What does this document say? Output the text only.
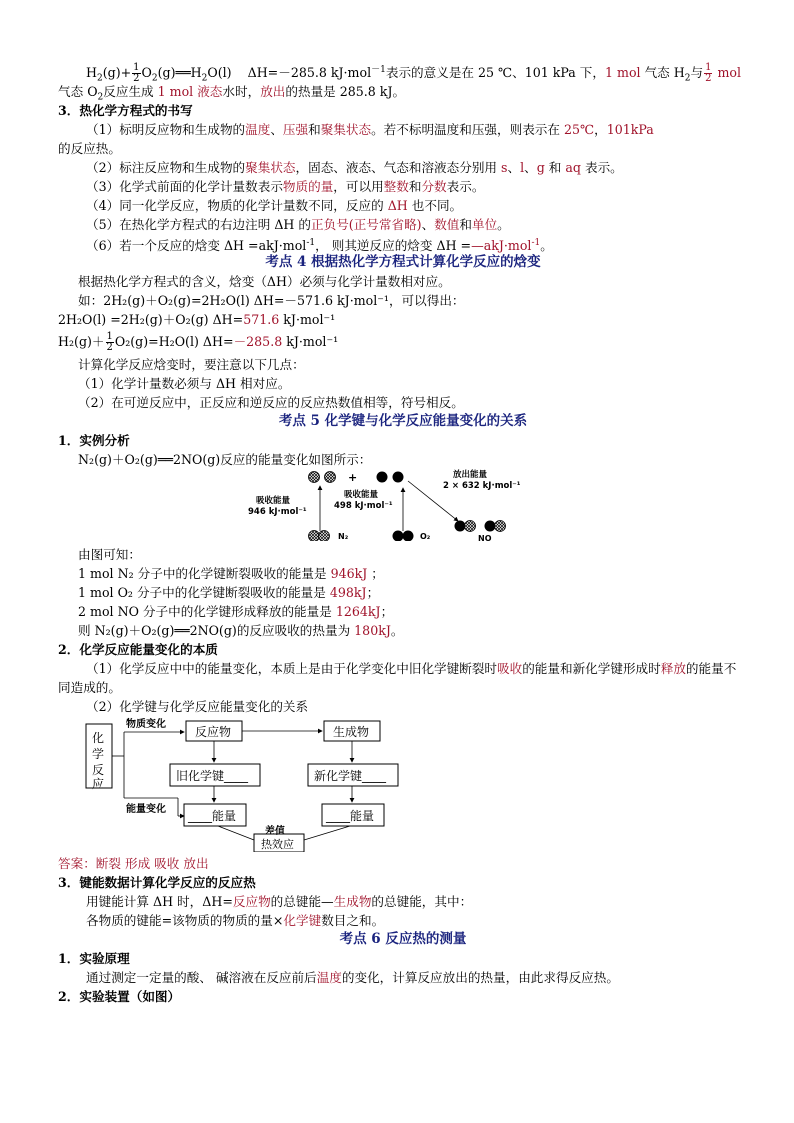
$H_2(g)+ \frac{1}{2}$ $O_2(g)══H_2O(l)$ ΔH=－285.8 kJ·mol$^{-1}$表示的意义是在 25 ℃、101 kPa 下，1 mol 气态 $H_2$与 $\frac{1}{2}$ mol
气态 $O_2$反应生成 1 mol 液态水时，放出的热量是 285.8 kJ。
3．热化学方程式的书写
（1）标明反应物和生成物的温度、压强和聚集状态。若不标明温度和压强，则表示在 25℃，101kPa
的反应热。
（2）标注反应物和生成物的聚集状态，固态、液态、气态和溶液态分别用 s、l、g 和 aq 表示。
（3）化学式前面的化学计量数表示物质的量，可以用整数和分数表示。
（4）同一化学反应，物质的化学计量数不同，反应的 ΔH 也不同。
（5）在热化学方程式的右边注明 ΔH 的正负号(正号常省略)、数值和单位。
（6）若一个反应的焓变 ΔH =akJ·mol$^{-1}$， 则其逆反应的焓变 ΔH =—akJ·mol$^{-1}$。
考点 4 根据热化学方程式计算化学反应的焓变
根据热化学方程式的含义，焓变（ΔH）必须与化学计量数相对应。
如：2H₂(g)＋O₂(g)=2H₂O(l) ΔH=－571.6 kJ·mol⁻¹，可以得出：
2H₂O(l) =2H₂(g)＋O₂(g) ΔH=571.6 kJ·mol⁻¹
$H_2(g)+ \frac{1}{2} O_2(g)=H_2O(l)$ ΔH=－285.8 kJ·mol⁻¹
计算化学反应焓变时，要注意以下几点：
（1）化学计量数必须与 ΔH 相对应。
（2）在可逆反应中，正反应和逆反应的反应热数值相等，符号相反。
考点 5 化学键与化学反应能量变化的关系
1．实例分析
N₂(g)＋O₂(g)══2NO(g)反应的能量变化如图所示：
+
吸收能量
946 kJ·mol⁻¹
N₂
吸收能量
498 kJ·mol⁻¹
O₂
放出能量
2 × 632 kJ·mol⁻¹
NO
由图可知：
1 mol N₂ 分子中的化学键断裂吸收的能量是 946kJ ；
1 mol O₂ 分子中的化学键断裂吸收的能量是 498kJ；
2 mol NO 分子中的化学键形成释放的能量是 1264kJ；
则 N₂(g)＋O₂(g)══2NO(g)的反应吸收的热量为 180kJ。
2．化学反应能量变化的本质
（1）化学反应中中的能量变化，本质上是由于化学变化中旧化学键断裂时吸收的能量和新化学键形成时释放的能量不同造成的。
（2）化学键与化学反应能量变化的关系
化
学
反
应
物质变化
能量变化
反应物	生成物
旧化学键____	新化学键____
____能量	____能量
差值
热效应
答案：断裂 形成 吸收 放出
3．键能数据计算化学反应的反应热
用键能计算 ΔH 时，ΔH=反应物的总键能—生成物的总键能，其中：
各物质的键能=该物质的物质的量×化学键数目之和。
考点 6 反应热的测量
1．实验原理
通过测定一定量的酸、 碱溶液在反应前后温度的变化，计算反应放出的热量，由此求得反应热。
2．实验装置（如图）
